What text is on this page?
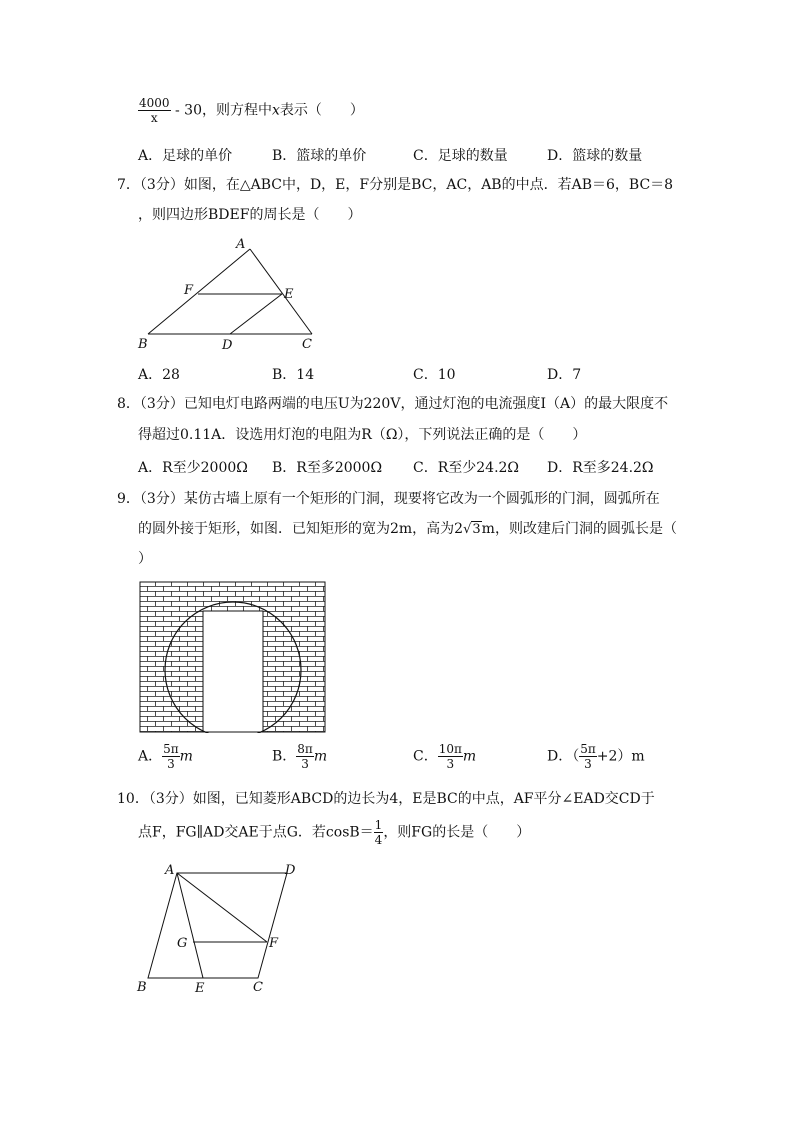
$\frac{4000}{x} - 30$，则方程中x表示（　　）
A．足球的单价	B．篮球的单价	C．足球的数量	D．篮球的数量
7．（3分）如图，在△ABC中，D，E，F分别是BC，AC，AB的中点．若AB＝6，BC＝8
，则四边形BDEF的周长是（　　）
A
F	E
B	D	C
A．28	B．14	C．10	D．7
8．（3分）已知电灯电路两端的电压U为220V，通过灯泡的电流强度I（A）的最大限度不
得超过0.11A．设选用灯泡的电阻为R（Ω），下列说法正确的是（　　）
A．R至少2000Ω B．R至多2000Ω C．R至少24.2Ω D．R至多24.2Ω
9．（3分）某仿古墙上原有一个矩形的门洞，现要将它改为一个圆弧形的门洞，圆弧所在
的圆外接于矩形，如图．已知矩形的宽为2m，高为2√3m，则改建后门洞的圆弧长是（
）
A． $\frac{5\pi}{3}$ m	B． $\frac{8\pi}{3}$ m	C． $\frac{10\pi}{3}$ m	D．（ $\frac{5\pi}{3} +2)m$
10．（3分）如图，已知菱形ABCD的边长为4，E是BC的中点，AF平分∠EAD交CD于
点F，FG∥AD交AE于点G．若$\cos B= \frac{1}{4}$ ，则FG的长是（　　）
A	D
G	F
B	E	C
